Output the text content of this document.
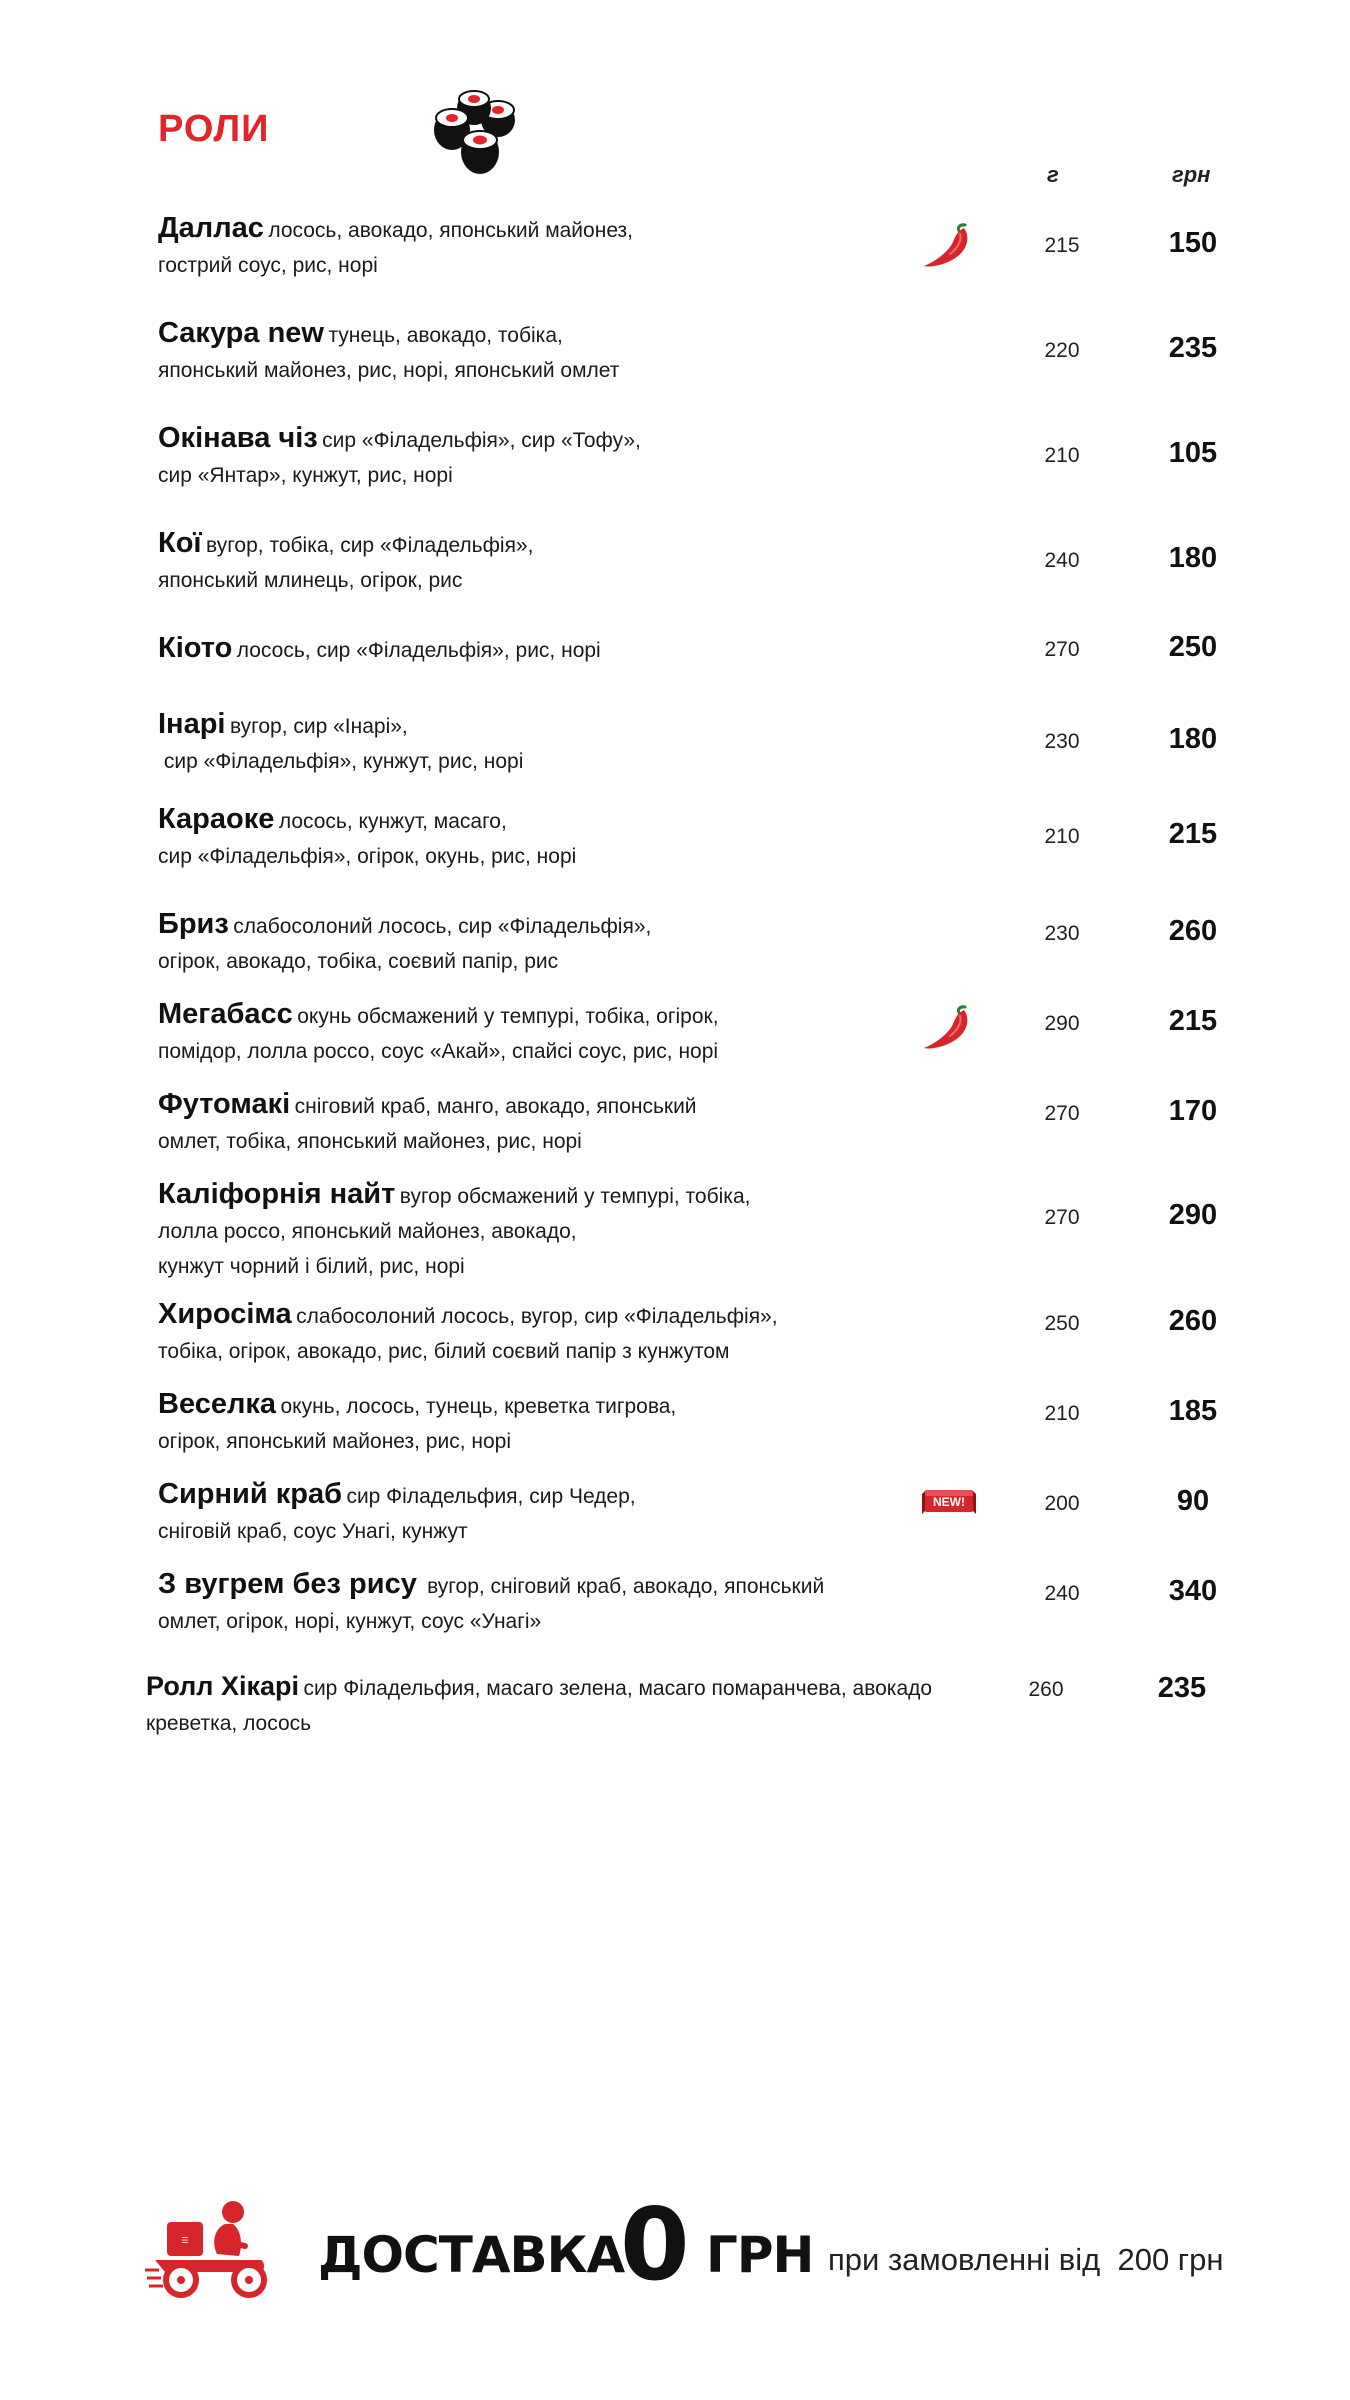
РОЛИ
г	грн
Даллас лосось, авокадо, японський майонез,
гострий соус, рис, норі
215	150
Сакура new тунець, авокадо, тобіка,
японський майонез, рис, норі, японський омлет
220	235
Окінава чіз сир «Філадельфія», сир «Тофу»,
сир «Янтар», кунжут, рис, норі
210	105
Кої вугор, тобіка, сир «Філадельфія»,
японський млинець, огірок, рис
240	180
Кіото лосось, сир «Філадельфія», рис, норі	270	250
Інарі вугор, сир «Інарі»,
сир «Філадельфія», кунжут, рис, норі
230	180
Караоке лосось, кунжут, масаго,
сир «Філадельфія», огірок, окунь, рис, норі
210	215
Бриз слабосолоний лосось, сир «Філадельфія»,
огірок, авокадо, тобіка, соєвий папір, рис
230	260
Мегабасс окунь обсмажений у темпурі, тобіка, огірок,
помідор, лолла россо, соус «Акай», спайсі соус, рис, норі
290	215
Футомакі сніговий краб, манго, авокадо, японський
омлет, тобіка, японський майонез, рис, норі
270	170
Каліфорнія найт вугор обсмажений у темпурі, тобіка,
лолла россо, японський майонез, авокадо,
кунжут чорний і білий, рис, норі
270	290
Хиросіма слабосолоний лосось, вугор, сир «Філадельфія»,
тобіка, огірок, авокадо, рис, білий соєвий папір з кунжутом
250	260
Веселка окунь, лосось, тунець, креветка тигрова,
огірок, японський майонез, рис, норі
210	185
Сирний краб сир Філадельфия, сир Чедер,
сніговій краб, соус Унагі, кунжут
NEW!	200	90
З вугрем без рису  вугор, сніговий краб, авокадо, японський
омлет, огірок, норі, кунжут, соус «Унагі»
240	340
Ролл Хікарі сир Філадельфия, масаго зелена, масаго помаранчева, авокадо
креветка, лосось
260	235
☰	ДОСТАВКА
0 ГРН при замовленні від  200 грн
